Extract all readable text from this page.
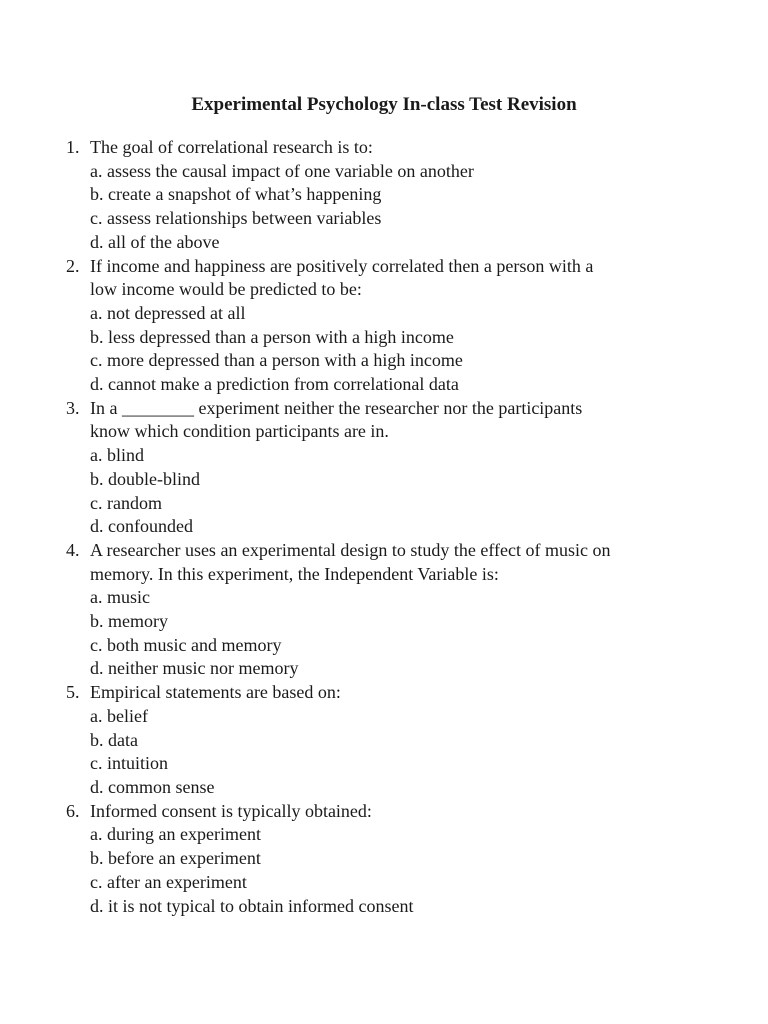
Experimental Psychology In-class Test Revision
1. The goal of correlational research is to:
a. assess the causal impact of one variable on another
b. create a snapshot of what’s happening
c. assess relationships between variables
d. all of the above
2. If income and happiness are positively correlated then a person with a
low income would be predicted to be:
a. not depressed at all
b. less depressed than a person with a high income
c. more depressed than a person with a high income
d. cannot make a prediction from correlational data
3. In a ________ experiment neither the researcher nor the participants
know which condition participants are in.
a. blind
b. double-blind
c. random
d. confounded
4. A researcher uses an experimental design to study the effect of music on
memory. In this experiment, the Independent Variable is:
a. music
b. memory
c. both music and memory
d. neither music nor memory
5. Empirical statements are based on:
a. belief
b. data
c. intuition
d. common sense
6. Informed consent is typically obtained:
a. during an experiment
b. before an experiment
c. after an experiment
d. it is not typical to obtain informed consent
